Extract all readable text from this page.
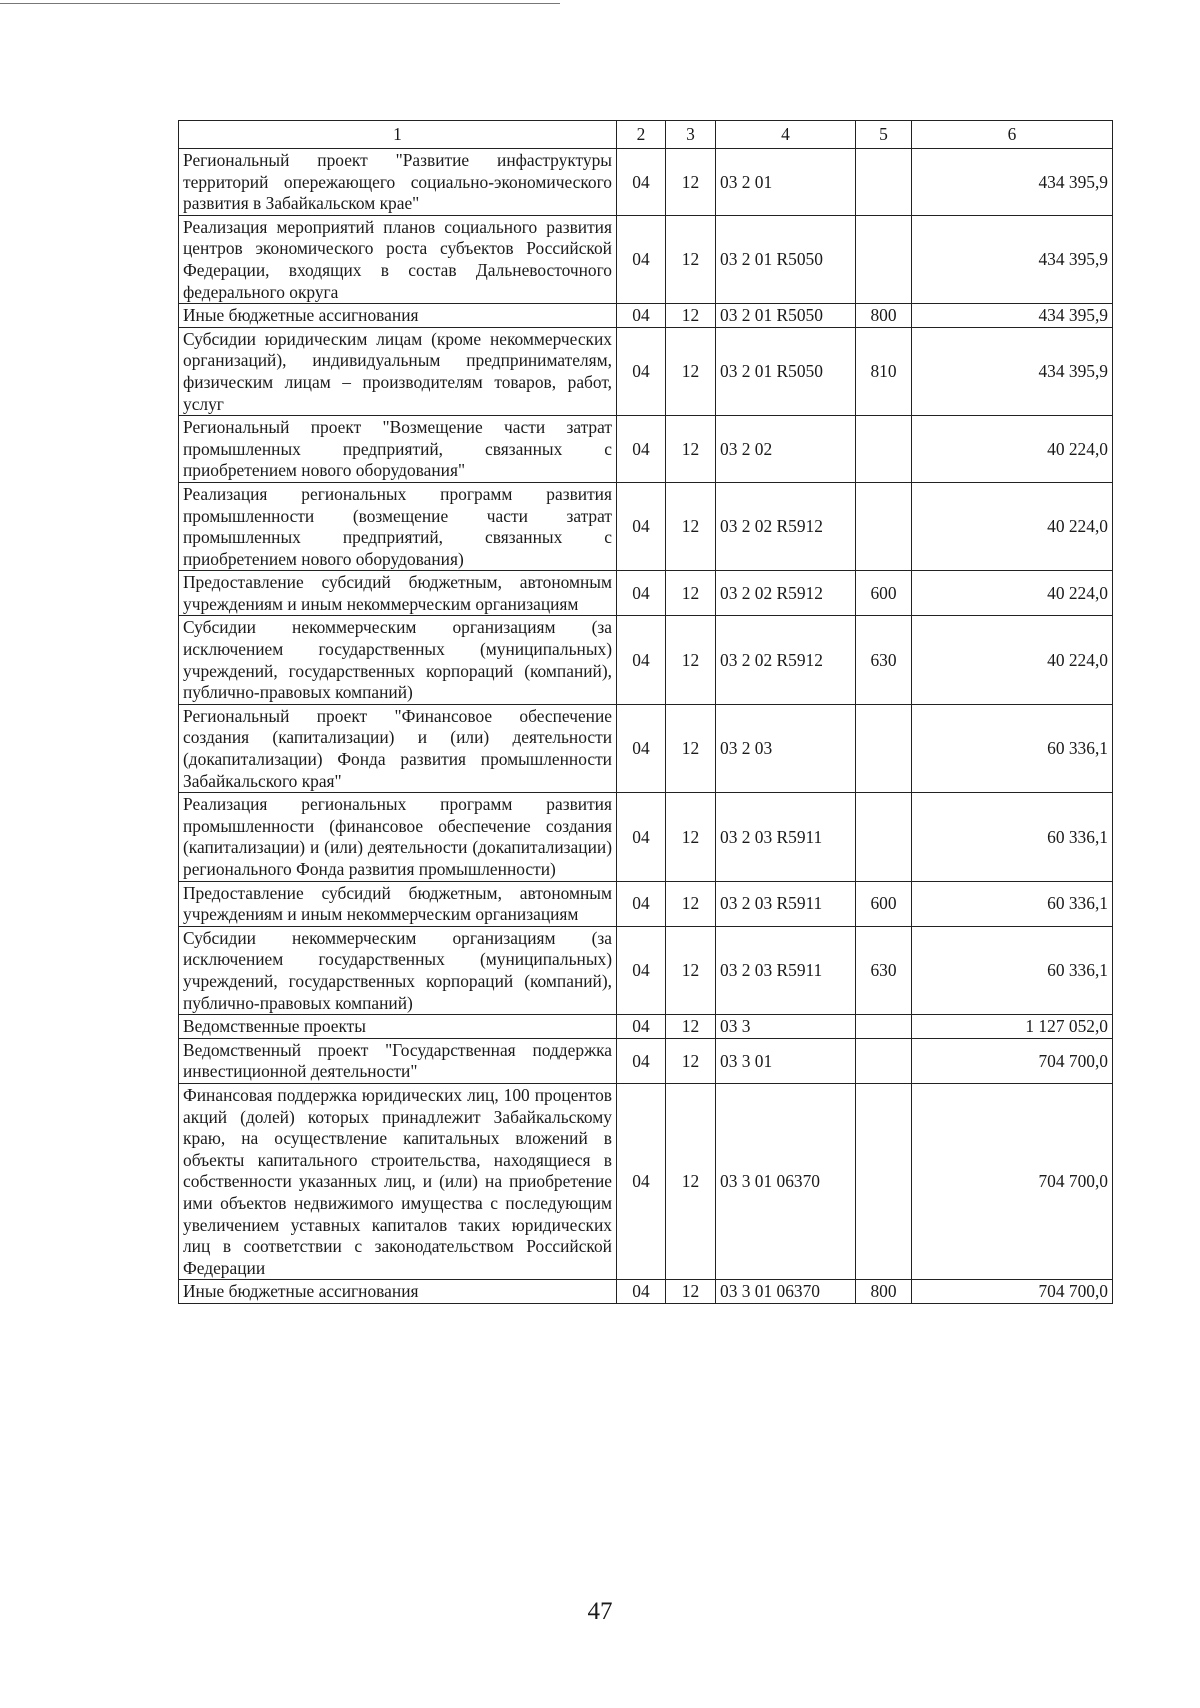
1	2	3	4	5	6
Региональный проект "Развитие инфаструктуры территорий опережающего социально-экономического развития в Забайкальском крае"	04	12	03 2 01		434 395,9
Реализация мероприятий планов социального развития центров экономического роста субъектов Российской Федерации, входящих в состав Дальневосточного федерального округа	04	12	03 2 01 R5050		434 395,9
Иные бюджетные ассигнования	04	12	03 2 01 R5050	800	434 395,9
Субсидии юридическим лицам (кроме некоммерческих организаций), индивидуальным предпринимателям, физическим лицам – производителям товаров, работ, услуг	04	12	03 2 01 R5050	810	434 395,9
Региональный проект "Возмещение части затрат промышленных предприятий, связанных с приобретением нового оборудования"	04	12	03 2 02		40 224,0
Реализация региональных программ развития промышленности (возмещение части затрат промышленных предприятий, связанных с приобретением нового оборудования)	04	12	03 2 02 R5912		40 224,0
Предоставление субсидий бюджетным, автономным учреждениям и иным некоммерческим организациям	04	12	03 2 02 R5912	600	40 224,0
Субсидии некоммерческим организациям (за исключением государственных (муниципальных) учреждений, государственных корпораций (компаний), публично-правовых компаний)	04	12	03 2 02 R5912	630	40 224,0
Региональный проект "Финансовое обеспечение создания (капитализации) и (или) деятельности (докапитализации) Фонда развития промышленности Забайкальского края"	04	12	03 2 03		60 336,1
Реализация региональных программ развития промышленности (финансовое обеспечение создания (капитализации) и (или) деятельности (докапитализации) регионального Фонда развития промышленности)	04	12	03 2 03 R5911		60 336,1
Предоставление субсидий бюджетным, автономным учреждениям и иным некоммерческим организациям	04	12	03 2 03 R5911	600	60 336,1
Субсидии некоммерческим организациям (за исключением государственных (муниципальных) учреждений, государственных корпораций (компаний), публично-правовых компаний)	04	12	03 2 03 R5911	630	60 336,1
Ведомственные проекты	04	12	03 3		1 127 052,0
Ведомственный проект "Государственная поддержка инвестиционной деятельности"	04	12	03 3 01		704 700,0
Финансовая поддержка юридических лиц, 100 процентов акций (долей) которых принадлежит Забайкальскому краю, на осуществление капитальных вложений в объекты капитального строительства, находящиеся в собственности указанных лиц, и (или) на приобретение ими объектов недвижимого имущества с последующим увеличением уставных капиталов таких юридических лиц в соответствии с законодательством Российской Федерации	04	12	03 3 01 06370		704 700,0
Иные бюджетные ассигнования	04	12	03 3 01 06370	800	704 700,0
47
